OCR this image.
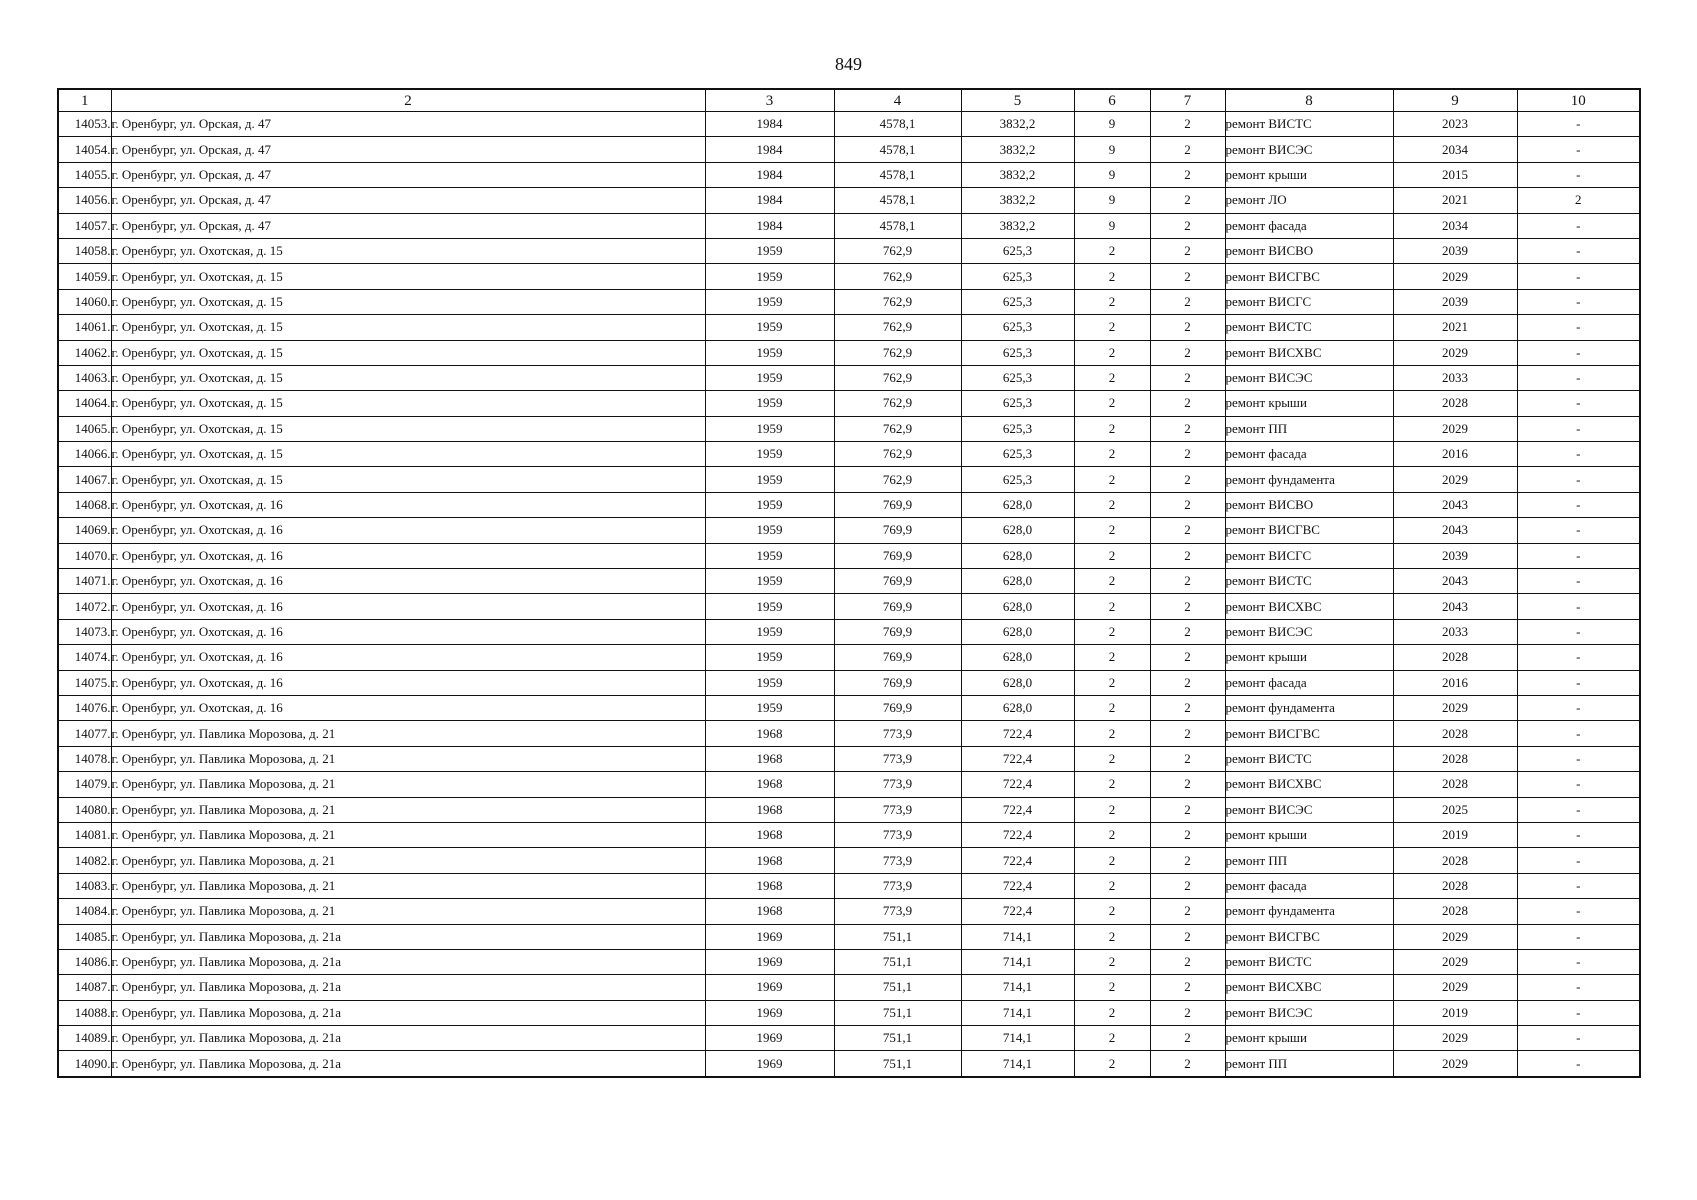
849
1	2	3	4	5	6	7	8	9	10
14053.	г. Оренбург, ул. Орская, д. 47	1984	4578,1	3832,2	9	2	ремонт ВИСТС	2023	-
14054.	г. Оренбург, ул. Орская, д. 47	1984	4578,1	3832,2	9	2	ремонт ВИСЭС	2034	-
14055.	г. Оренбург, ул. Орская, д. 47	1984	4578,1	3832,2	9	2	ремонт крыши	2015	-
14056.	г. Оренбург, ул. Орская, д. 47	1984	4578,1	3832,2	9	2	ремонт ЛО	2021	2
14057.	г. Оренбург, ул. Орская, д. 47	1984	4578,1	3832,2	9	2	ремонт фасада	2034	-
14058.	г. Оренбург, ул. Охотская, д. 15	1959	762,9	625,3	2	2	ремонт ВИСВО	2039	-
14059.	г. Оренбург, ул. Охотская, д. 15	1959	762,9	625,3	2	2	ремонт ВИСГВС	2029	-
14060.	г. Оренбург, ул. Охотская, д. 15	1959	762,9	625,3	2	2	ремонт ВИСГС	2039	-
14061.	г. Оренбург, ул. Охотская, д. 15	1959	762,9	625,3	2	2	ремонт ВИСТС	2021	-
14062.	г. Оренбург, ул. Охотская, д. 15	1959	762,9	625,3	2	2	ремонт ВИСХВС	2029	-
14063.	г. Оренбург, ул. Охотская, д. 15	1959	762,9	625,3	2	2	ремонт ВИСЭС	2033	-
14064.	г. Оренбург, ул. Охотская, д. 15	1959	762,9	625,3	2	2	ремонт крыши	2028	-
14065.	г. Оренбург, ул. Охотская, д. 15	1959	762,9	625,3	2	2	ремонт ПП	2029	-
14066.	г. Оренбург, ул. Охотская, д. 15	1959	762,9	625,3	2	2	ремонт фасада	2016	-
14067.	г. Оренбург, ул. Охотская, д. 15	1959	762,9	625,3	2	2	ремонт фундамента	2029	-
14068.	г. Оренбург, ул. Охотская, д. 16	1959	769,9	628,0	2	2	ремонт ВИСВО	2043	-
14069.	г. Оренбург, ул. Охотская, д. 16	1959	769,9	628,0	2	2	ремонт ВИСГВС	2043	-
14070.	г. Оренбург, ул. Охотская, д. 16	1959	769,9	628,0	2	2	ремонт ВИСГС	2039	-
14071.	г. Оренбург, ул. Охотская, д. 16	1959	769,9	628,0	2	2	ремонт ВИСТС	2043	-
14072.	г. Оренбург, ул. Охотская, д. 16	1959	769,9	628,0	2	2	ремонт ВИСХВС	2043	-
14073.	г. Оренбург, ул. Охотская, д. 16	1959	769,9	628,0	2	2	ремонт ВИСЭС	2033	-
14074.	г. Оренбург, ул. Охотская, д. 16	1959	769,9	628,0	2	2	ремонт крыши	2028	-
14075.	г. Оренбург, ул. Охотская, д. 16	1959	769,9	628,0	2	2	ремонт фасада	2016	-
14076.	г. Оренбург, ул. Охотская, д. 16	1959	769,9	628,0	2	2	ремонт фундамента	2029	-
14077.	г. Оренбург, ул. Павлика Морозова, д. 21	1968	773,9	722,4	2	2	ремонт ВИСГВС	2028	-
14078.	г. Оренбург, ул. Павлика Морозова, д. 21	1968	773,9	722,4	2	2	ремонт ВИСТС	2028	-
14079.	г. Оренбург, ул. Павлика Морозова, д. 21	1968	773,9	722,4	2	2	ремонт ВИСХВС	2028	-
14080.	г. Оренбург, ул. Павлика Морозова, д. 21	1968	773,9	722,4	2	2	ремонт ВИСЭС	2025	-
14081.	г. Оренбург, ул. Павлика Морозова, д. 21	1968	773,9	722,4	2	2	ремонт крыши	2019	-
14082.	г. Оренбург, ул. Павлика Морозова, д. 21	1968	773,9	722,4	2	2	ремонт ПП	2028	-
14083.	г. Оренбург, ул. Павлика Морозова, д. 21	1968	773,9	722,4	2	2	ремонт фасада	2028	-
14084.	г. Оренбург, ул. Павлика Морозова, д. 21	1968	773,9	722,4	2	2	ремонт фундамента	2028	-
14085.	г. Оренбург, ул. Павлика Морозова, д. 21а	1969	751,1	714,1	2	2	ремонт ВИСГВС	2029	-
14086.	г. Оренбург, ул. Павлика Морозова, д. 21а	1969	751,1	714,1	2	2	ремонт ВИСТС	2029	-
14087.	г. Оренбург, ул. Павлика Морозова, д. 21а	1969	751,1	714,1	2	2	ремонт ВИСХВС	2029	-
14088.	г. Оренбург, ул. Павлика Морозова, д. 21а	1969	751,1	714,1	2	2	ремонт ВИСЭС	2019	-
14089.	г. Оренбург, ул. Павлика Морозова, д. 21а	1969	751,1	714,1	2	2	ремонт крыши	2029	-
14090.	г. Оренбург, ул. Павлика Морозова, д. 21а	1969	751,1	714,1	2	2	ремонт ПП	2029	-
